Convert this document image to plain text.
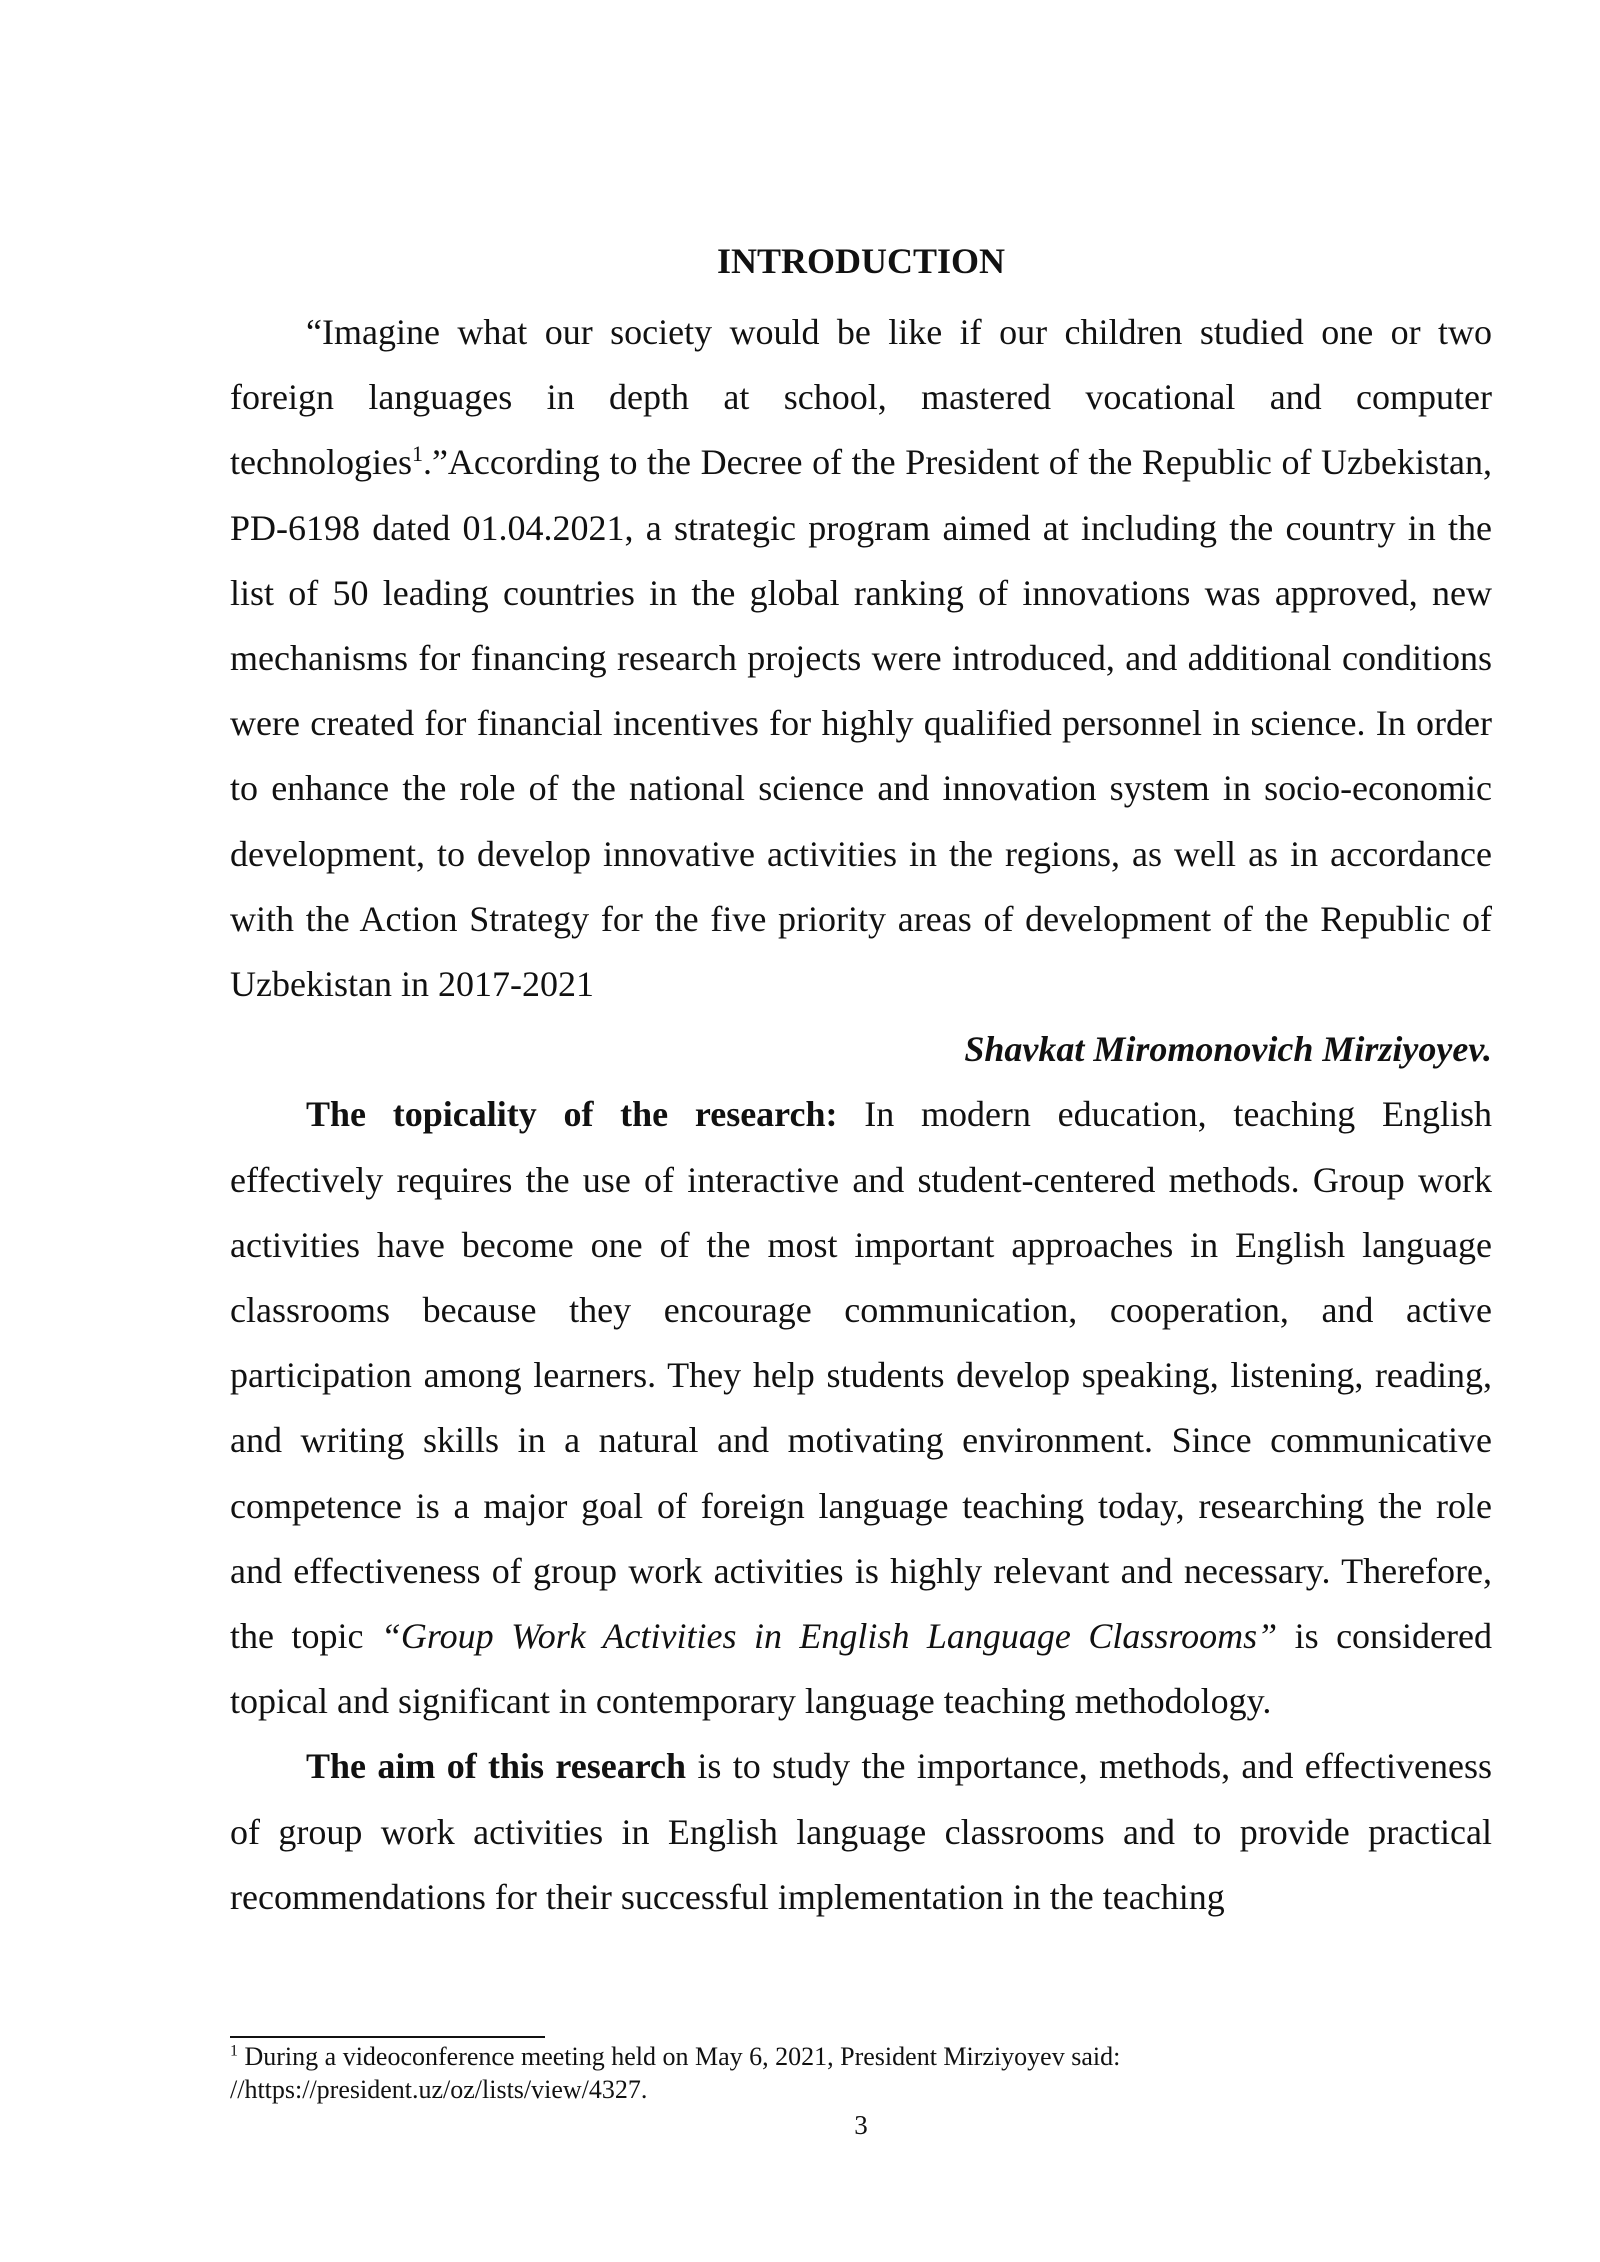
INTRODUCTION

“Imagine what our society would be like if our children studied one or two foreign languages in depth at school, mastered vocational and computer technologies$^1$.”According to the Decree of the President of the Republic of Uzbekistan, PD-6198 dated 01.04.2021, a strategic program aimed at including the country in the list of 50 leading countries in the global ranking of innovations was approved, new mechanisms for financing research projects were introduced, and additional conditions were created for financial incentives for highly qualified personnel in science. In order to enhance the role of the national science and innovation system in socio-economic development, to develop innovative activities in the regions, as well as in accordance with the Action Strategy for the five priority areas of development of the Republic of Uzbekistan in 2017-2021

Shavkat Miromonovich Mirziyoyev.

The topicality of the research: In modern education, teaching English effectively requires the use of interactive and student-centered methods. Group work activities have become one of the most important approaches in English language classrooms because they encourage communication, cooperation, and active participation among learners. They help students develop speaking, listening, reading, and writing skills in a natural and motivating environment. Since communicative competence is a major goal of foreign language teaching today, researching the role and effectiveness of group work activities is highly relevant and necessary. Therefore, the topic “Group Work Activities in English Language Classrooms” is considered topical and significant in contemporary language teaching methodology.

The aim of this research is to study the importance, methods, and effectiveness of group work activities in English language classrooms and to provide practical recommendations for their successful implementation in the teaching

$^1$ During a videoconference meeting held on May 6, 2021, President Mirziyoyev said:
//https://president.uz/oz/lists/view/4327.
3
